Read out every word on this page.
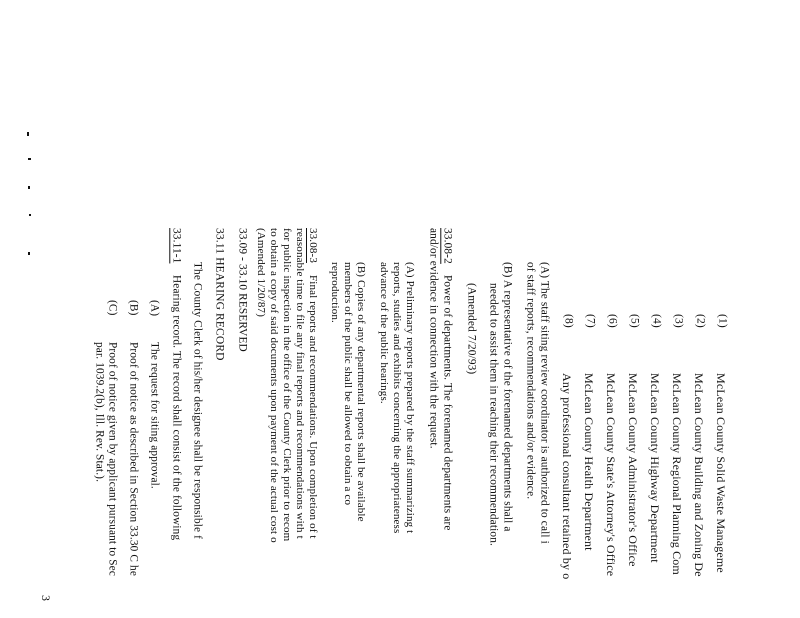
(1)
McLean County Solid Waste Manageme
(2)
McLean County Building and Zoning De
(3)
McLean County Regional Planning Com
(4)
McLean County Highway Department
(5)
McLean County Administrator's Office
(6)
McLean County State's Attorney's Office
(7)
McLean County Health Department
(8)
Any professional consultant retained by o
(A) The staff siting review coordinator is authorized to call i
of staff reports, recommendations and/or evidence.
(B) A representative of the forenamed departments shall a
needed to assist them in reaching their recommendation.
(Amended 7/20/93)
33.08-2
Power of departments. The forenamed departments are
and/or evidence in connection with the request.
(A) Preliminary reports prepared by the staff summarizing t
reports, studies and exhibits concerning the appropriateness
advance of the public hearings.
(B) Copies of any departmental reports shall be available
members of the public shall be allowed to obtain a co
reproduction.
33.08-3
Final reports and recommendations. Upon completion of t
reasonable time to file any final reports and recommendations with t
for public inspection in the office of the County Clerk prior to recom
to obtain a copy of said documents upon payment of the actual cost o
(Amended 1/20/87)
33.09 - 33.10 RESERVED
33.11 HEARING RECORD
The County Clerk of his/her designee shall be responsible f
33.11-1
Hearing record. The record shall consist of the following
(A)
The request for siting approval.
(B)
Proof of notice as described in Section 33.30 C he
(C)
Proof of notice given by applicant pursuant to Sec
par. 1039.2(b), Ill. Rev. Stat.).
3
